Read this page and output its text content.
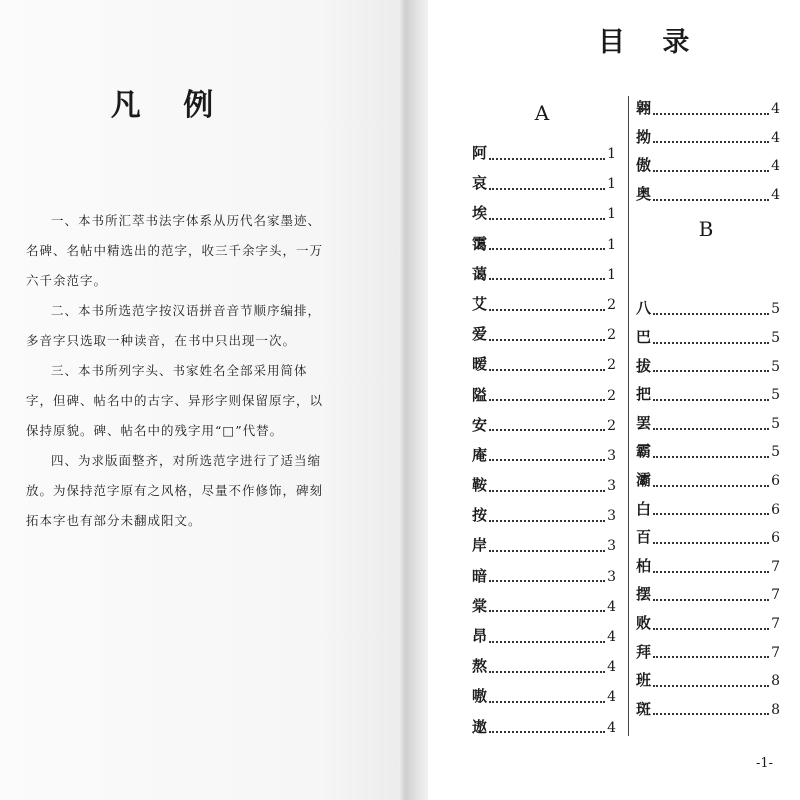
凡 例

一、本书所汇萃书法字体系从历代名家墨迹、名碑、名帖中精选出的范字，收三千余字头，一万六千余范字。

二、本书所选范字按汉语拼音音节顺序编排，多音字只选取一种读音，在书中只出现一次。

三、本书所列字头、书家姓名全部采用简体字，但碑、帖名中的古字、异形字则保留原字，以保持原貌。碑、帖名中的残字用“□”代替。

四、为求版面整齐，对所选范字进行了适当缩放。为保持范字原有之风格，尽量不作修饰，碑刻拓本字也有部分未翻成阳文。

目 录
A
阿	1
哀	1
埃	1
霭	1
蔼	1
艾	2
爱	2
暧	2
隘	2
安	2
庵	3
鞍	3
按	3
岸	3
暗	3
棠	4
昂	4
熬	4
嗷	4
遨	4
翱	4
拗	4
傲	4
奥	4
B
八	5
巴	5
拔	5
把	5
罢	5
霸	5
灞	6
白	6
百	6
柏	7
摆	7
败	7
拜	7
班	8
斑	8
-1-
